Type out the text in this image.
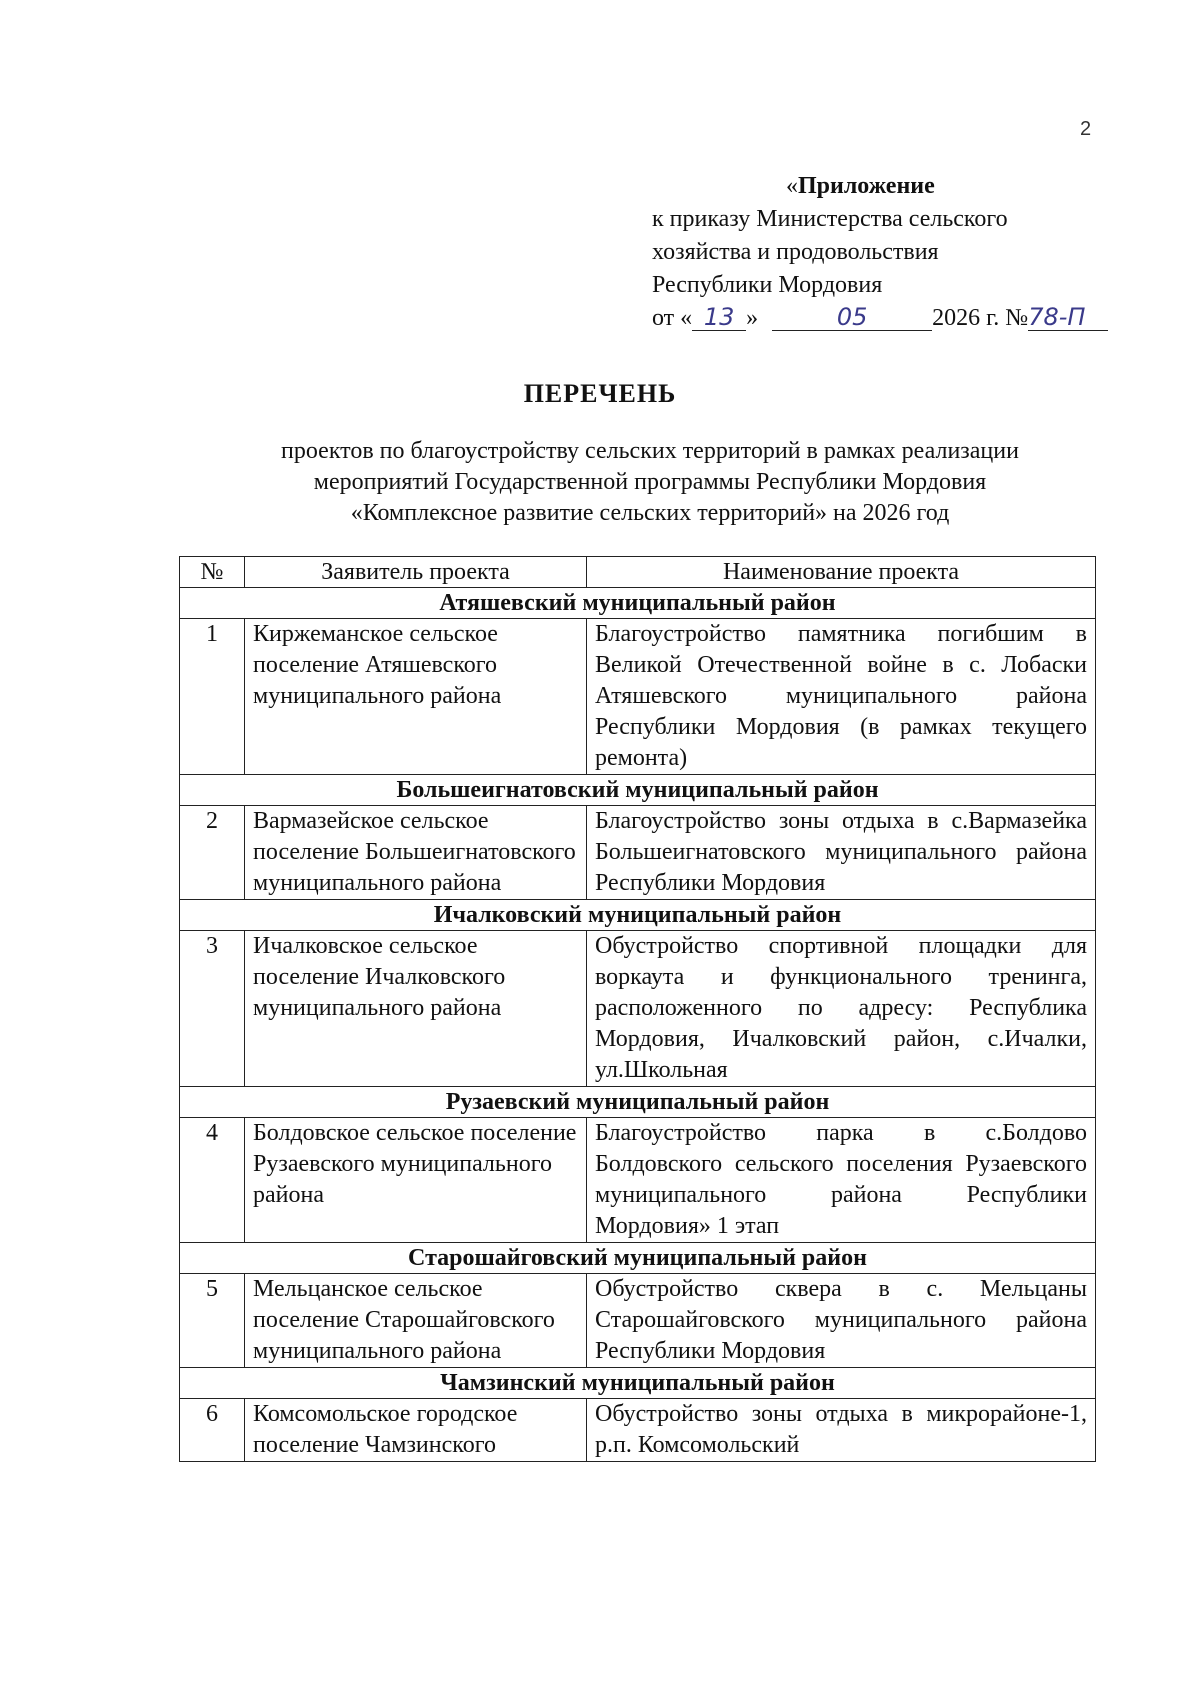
2
«Приложение
к приказу Министерства сельского
хозяйства и продовольствия
Республики Мордовия
от « 13 »	05	2026 г. №78-П
ПЕРЕЧЕНЬ
проектов по благоустройству сельских территорий в рамках реализации
мероприятий Государственной программы Республики Мордовия
«Комплексное развитие сельских территорий» на 2026 год
№	Заявитель проекта	Наименование проекта
Атяшевский муниципальный район		
1	Киржеманское сельское поселение Атяшевского муниципального района	Благоустройство памятника погибшим в Великой Отечественной войне в с. Лобаски Атяшевского муниципального района Республики Мордовия (в рамках текущего ремонта)
Большеигнатовский муниципальный район		
2	Вармазейское сельское поселение Большеигнатовского муниципального района	Благоустройство зоны отдыха в с.Вармазейка Большеигнатовского муниципального района Республики Мордовия
Ичалковский муниципальный район		
3	Ичалковское сельское поселение Ичалковского муниципального района	Обустройство спортивной площадки для воркаута и функционального тренинга, расположенного по адресу: Республика Мордовия, Ичалковский район, с.Ичалки, ул.Школьная
Рузаевский муниципальный район		
4	Болдовское сельское поселение Рузаевского муниципального района	Благоустройство парка в с.Болдово Болдовского сельского поселения Рузаевского муниципального района Республики Мордовия» 1 этап
Старошайговский муниципальный район		
5	Мельцанское сельское поселение Старошайговского муниципального района	Обустройство сквера в с. Мельцаны Старошайговского муниципального района Республики Мордовия
Чамзинский муниципальный район		
6	Комсомольское городское поселение Чамзинского	Обустройство зоны отдыха в микрорайоне-1, р.п. Комсомольский
